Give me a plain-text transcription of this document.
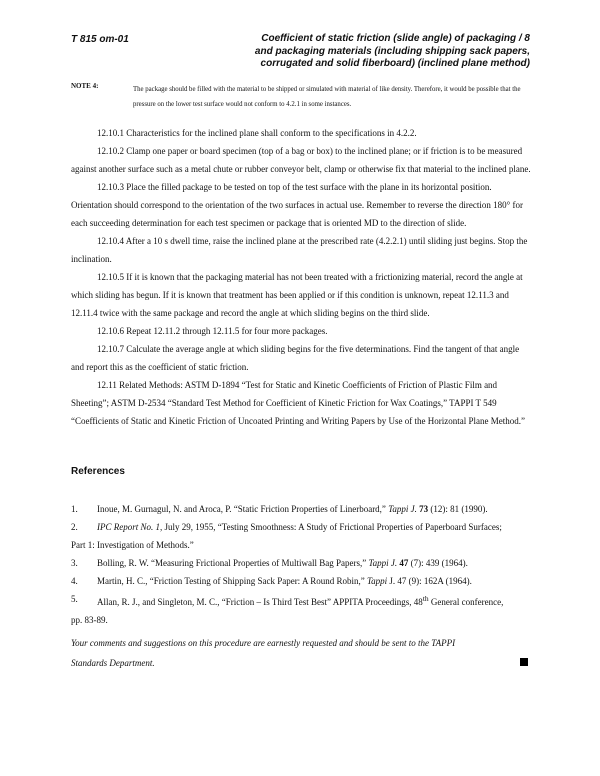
T 815 om-01	Coefficient of static friction (slide angle) of packaging / 8
and packaging materials (including shipping sack papers,
corrugated and solid fiberboard) (inclined plane method)
NOTE 4:	The package should be filled with the material to be shipped or simulated with material of like density. Therefore, it would be possible that the pressure on the lower test surface would not conform to 4.2.1 in some instances.

12.10.1 Characteristics for the inclined plane shall conform to the specifications in 4.2.2.

12.10.2 Clamp one paper or board specimen (top of a bag or box) to the inclined plane; or if friction is to be measured against another surface such as a metal chute or rubber conveyor belt, clamp or otherwise fix that material to the inclined plane.

12.10.3 Place the filled package to be tested on top of the test surface with the plane in its horizontal position. Orientation should correspond to the orientation of the two surfaces in actual use. Remember to reverse the direction 180° for each succeeding determination for each test specimen or package that is oriented MD to the direction of slide.

12.10.4 After a 10 s dwell time, raise the inclined plane at the prescribed rate (4.2.2.1) until sliding just begins. Stop the inclination.

12.10.5 If it is known that the packaging material has not been treated with a frictionizing material, record the angle at which sliding has begun. If it is known that treatment has been applied or if this condition is unknown, repeat 12.11.3 and 12.11.4 twice with the same package and record the angle at which sliding begins on the third slide.

12.10.6 Repeat 12.11.2 through 12.11.5 for four more packages.

12.10.7 Calculate the average angle at which sliding begins for the five determinations. Find the tangent of that angle and report this as the coefficient of static friction.

12.11 Related Methods: ASTM D-1894 “Test for Static and Kinetic Coefficients of Friction of Plastic Film and Sheeting”; ASTM D-2534 “Standard Test Method for Coefficient of Kinetic Friction for Wax Coatings,” TAPPI T 549 “Coefficients of Static and Kinetic Friction of Uncoated Printing and Writing Papers by Use of the Horizontal Plane Method.”

References
1. Inoue, M. Gurnagul, N. and Aroca, P. “Static Friction Properties of Linerboard,” Tappi J. 73 (12): 81 (1990).
2. IPC Report No. 1, July 29, 1955, “Testing Smoothness: A Study of Frictional Properties of Paperboard Surfaces;
Part 1: Investigation of Methods.”
3. Bolling, R. W. “Measuring Frictional Properties of Multiwall Bag Papers,” Tappi J. 47 (7): 439 (1964).
4. Martin, H. C., “Friction Testing of Shipping Sack Paper: A Round Robin,” Tappi J. 47 (9): 162A (1964).
5. Allan, R. J., and Singleton, M. C., “Friction – Is Third Test Best” APPITA Proceedings, 48th General conference,
pp. 83-89.
Your comments and suggestions on this procedure are earnestly requested and should be sent to the TAPPI
Standards Department.
